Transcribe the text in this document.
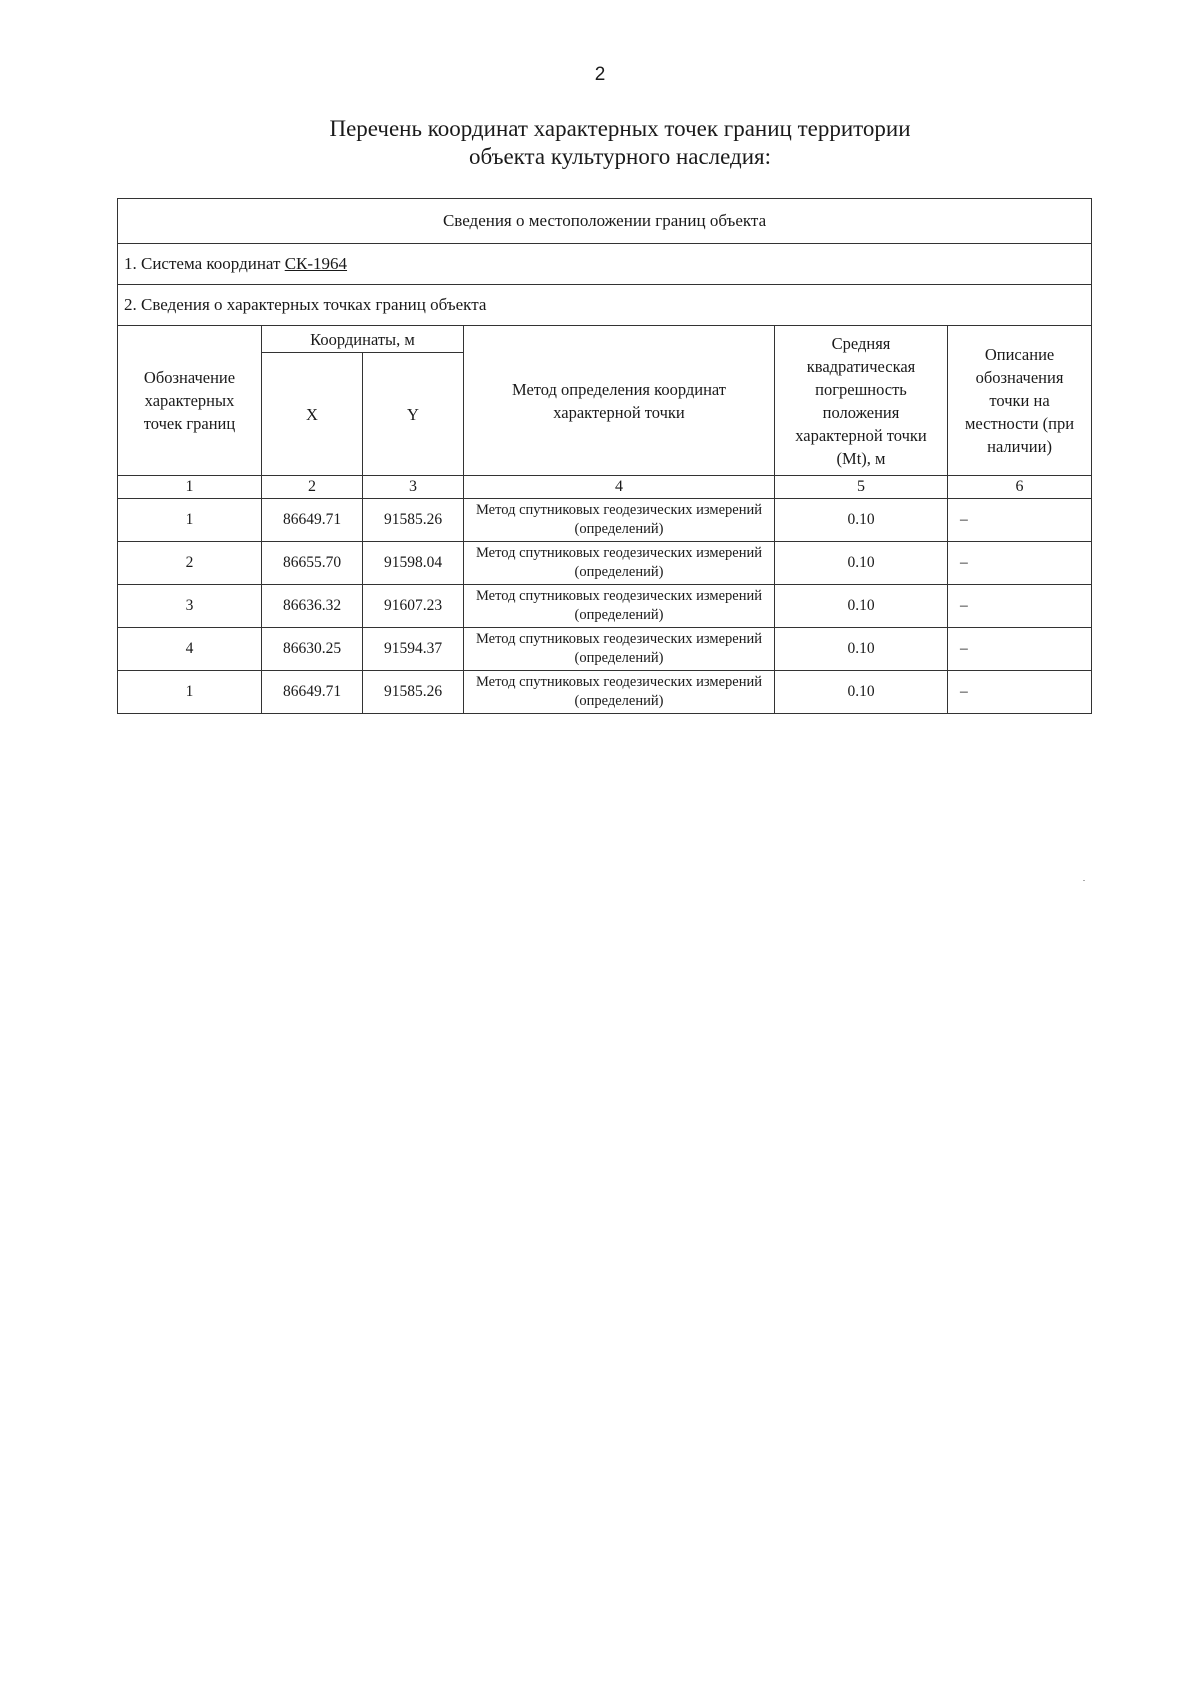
2
Перечень координат характерных точек границ территории
объекта культурного наследия:
Сведения о местоположении границ объекта					
1. Система координат СК-1964					
2. Сведения о характерных точках границ объекта					
Обозначение характерных точек границ	Координаты, м		Метод определения координат характерной точки	Средняя квадратическая погрешность положения характерной точки (Mt), м	Описание обозначения точки на местности (при наличии)
	X	Y			
1	2	3	4	5	6
1	86649.71	91585.26	Метод спутниковых геодезических измерений (определений)	0.10	–
2	86655.70	91598.04	Метод спутниковых геодезических измерений (определений)	0.10	–
3	86636.32	91607.23	Метод спутниковых геодезических измерений (определений)	0.10	–
4	86630.25	91594.37	Метод спутниковых геодезических измерений (определений)	0.10	–
1	86649.71	91585.26	Метод спутниковых геодезических измерений (определений)	0.10	–
